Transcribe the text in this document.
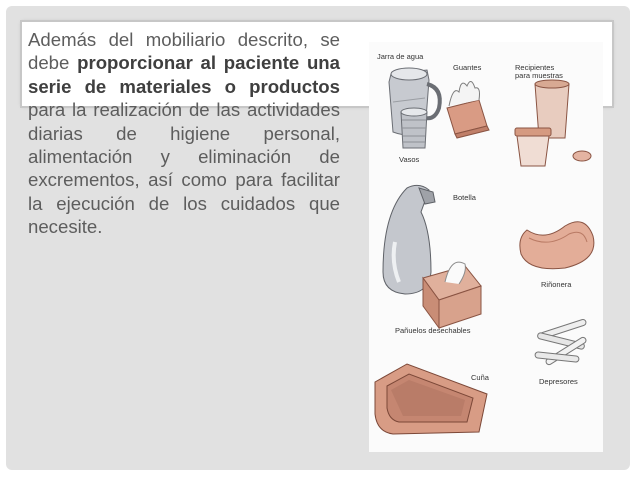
Además del mobiliario descrito, se debe proporcionar al paciente una serie de materiales o productos para la realización de las actividades diarias de higiene personal, alimentación y eliminación de excrementos, así como para facilitar la ejecución de los cuidados que necesite.
Jarra de agua
Guantes	Recipientes
para muestras
Vasos
Botella
Riñonera
Pañuelos desechables
Cuña	Depresores
